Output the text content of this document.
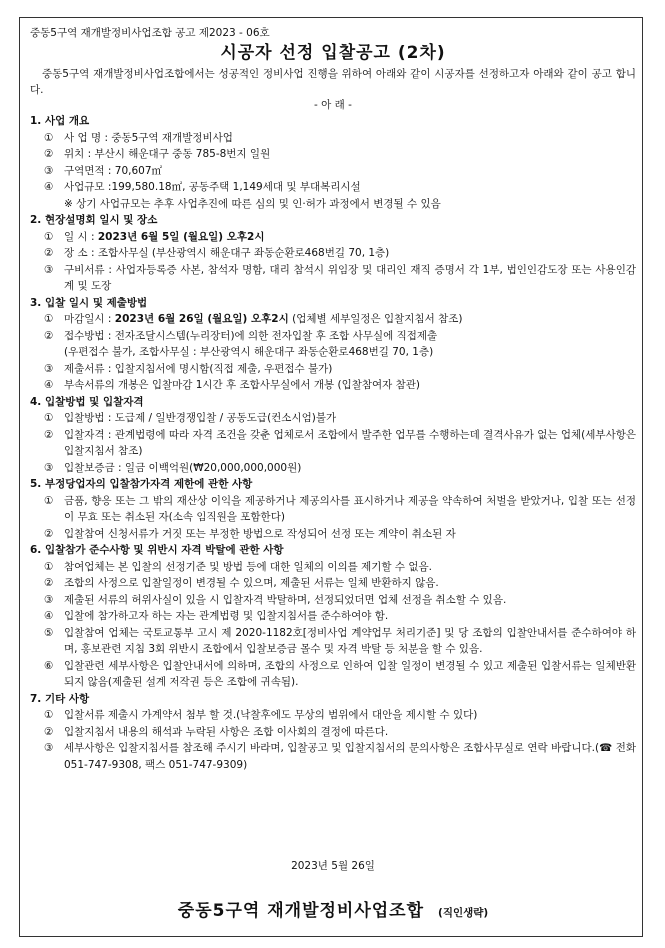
중동5구역 재개발정비사업조합 공고 제2023 - 06호

시공자 선정 입찰공고 (2차)

중동5구역 재개발정비사업조합에서는 성공적인 정비사업 진행을 위하여 아래와 같이 시공자를 선정하고자 아래와 같이 공고 합니다.

- 아 래 -

1. 사업 개요
① 사 업 명 : 중동5구역 재개발정비사업
② 위치 : 부산시 해운대구 중동 785-8번지 일원
③ 구역면적 : 70,607㎡
④ 사업규모 :199,580.18㎡, 공동주택 1,149세대 및 부대복리시설
※ 상기 사업규모는 추후 사업추진에 따른 심의 및 인·허가 과정에서 변경될 수 있음
2. 현장설명회 일시 및 장소
① 일 시 : 2023년 6월 5일 (월요일) 오후2시
② 장 소 : 조합사무실 (부산광역시 해운대구 좌동순환로468번길 70, 1층)
③ 구비서류 : 사업자등록증 사본, 참석자 명함, 대리 참석시 위임장 및 대리인 재직 증명서 각 1부, 법인인감도장 또는 사용인감계 및 도장
3. 입찰 일시 및 제출방법
① 마감일시 : 2023년 6월 26일 (월요일) 오후2시 (업체별 세부일정은 입찰지침서 참조)
② 접수방법 : 전자조달시스템(누리장터)에 의한 전자입찰 후 조합 사무실에 직접제출
(우편접수 불가, 조합사무실 : 부산광역시 해운대구 좌동순환로468번길 70, 1층)
③ 제출서류 : 입찰지침서에 명시함(직접 제출, 우편접수 불가)
④ 부속서류의 개봉은 입찰마감 1시간 후 조합사무실에서 개봉 (입찰참여자 참관)
4. 입찰방법 및 입찰자격
① 입찰방법 : 도급제 / 일반경쟁입찰 / 공동도급(컨소시엄)불가
② 입찰자격 : 관계법령에 따라 자격 조건을 갖춘 업체로서 조합에서 발주한 업무를 수행하는데 결격사유가 없는 업체(세부사항은 입찰지침서 참조)
③ 입찰보증금 : 일금 이백억원(₩20,000,000,000원)
5. 부정당업자의 입찰참가자격 제한에 관한 사항
① 금품, 향응 또는 그 밖의 재산상 이익을 제공하거나 제공의사를 표시하거나 제공을 약속하여 처벌을 받았거나, 입찰 또는 선정이 무효 또는 취소된 자(소속 임직원을 포함한다)
② 입찰참여 신청서류가 거짓 또는 부정한 방법으로 작성되어 선정 또는 계약이 취소된 자
6. 입찰참가 준수사항 및 위반시 자격 박탈에 관한 사항
① 참여업체는 본 입찰의 선정기준 및 방법 등에 대한 일체의 이의를 제기할 수 없음.
② 조합의 사정으로 입찰일정이 변경될 수 있으며, 제출된 서류는 일체 반환하지 않음.
③ 제출된 서류의 허위사실이 있을 시 입찰자격 박탈하며, 선정되었더면 업체 선정을 취소할 수 있음.
④ 입찰에 참가하고자 하는 자는 관계법령 및 입찰지침서를 준수하여야 함.
⑤ 입찰참여 업체는 국토교통부 고시 제 2020-1182호[정비사업 계약업무 처리기준] 및 당 조합의 입찰안내서를 준수하여야 하며, 홍보관련 지침 3회 위반시 조합에서 입찰보증금 몰수 및 자격 박탈 등 처분을 할 수 있음.
⑥ 입찰관련 세부사항은 입찰안내서에 의하며, 조합의 사정으로 인하여 입찰 일정이 변경될 수 있고 제출된 입찰서류는 일체반환 되지 않음(제출된 설계 저작권 등은 조합에 귀속됨).
7. 기타 사항
① 입찰서류 제출시 가계약서 첨부 할 것.(낙찰후에도 무상의 범위에서 대안을 제시할 수 있다)
② 입찰지침서 내용의 해석과 누락된 사항은 조합 이사회의 결정에 따른다.
③ 세부사항은 입찰지침서를 참조해 주시기 바라며, 입찰공고 및 입찰지침서의 문의사항은 조합사무실로 연락 바랍니다.(☎ 전화 051-747-9308, 팩스 051-747-9309)
2023년 5월 26일
중동5구역 재개발정비사업조합 (직인생략)
